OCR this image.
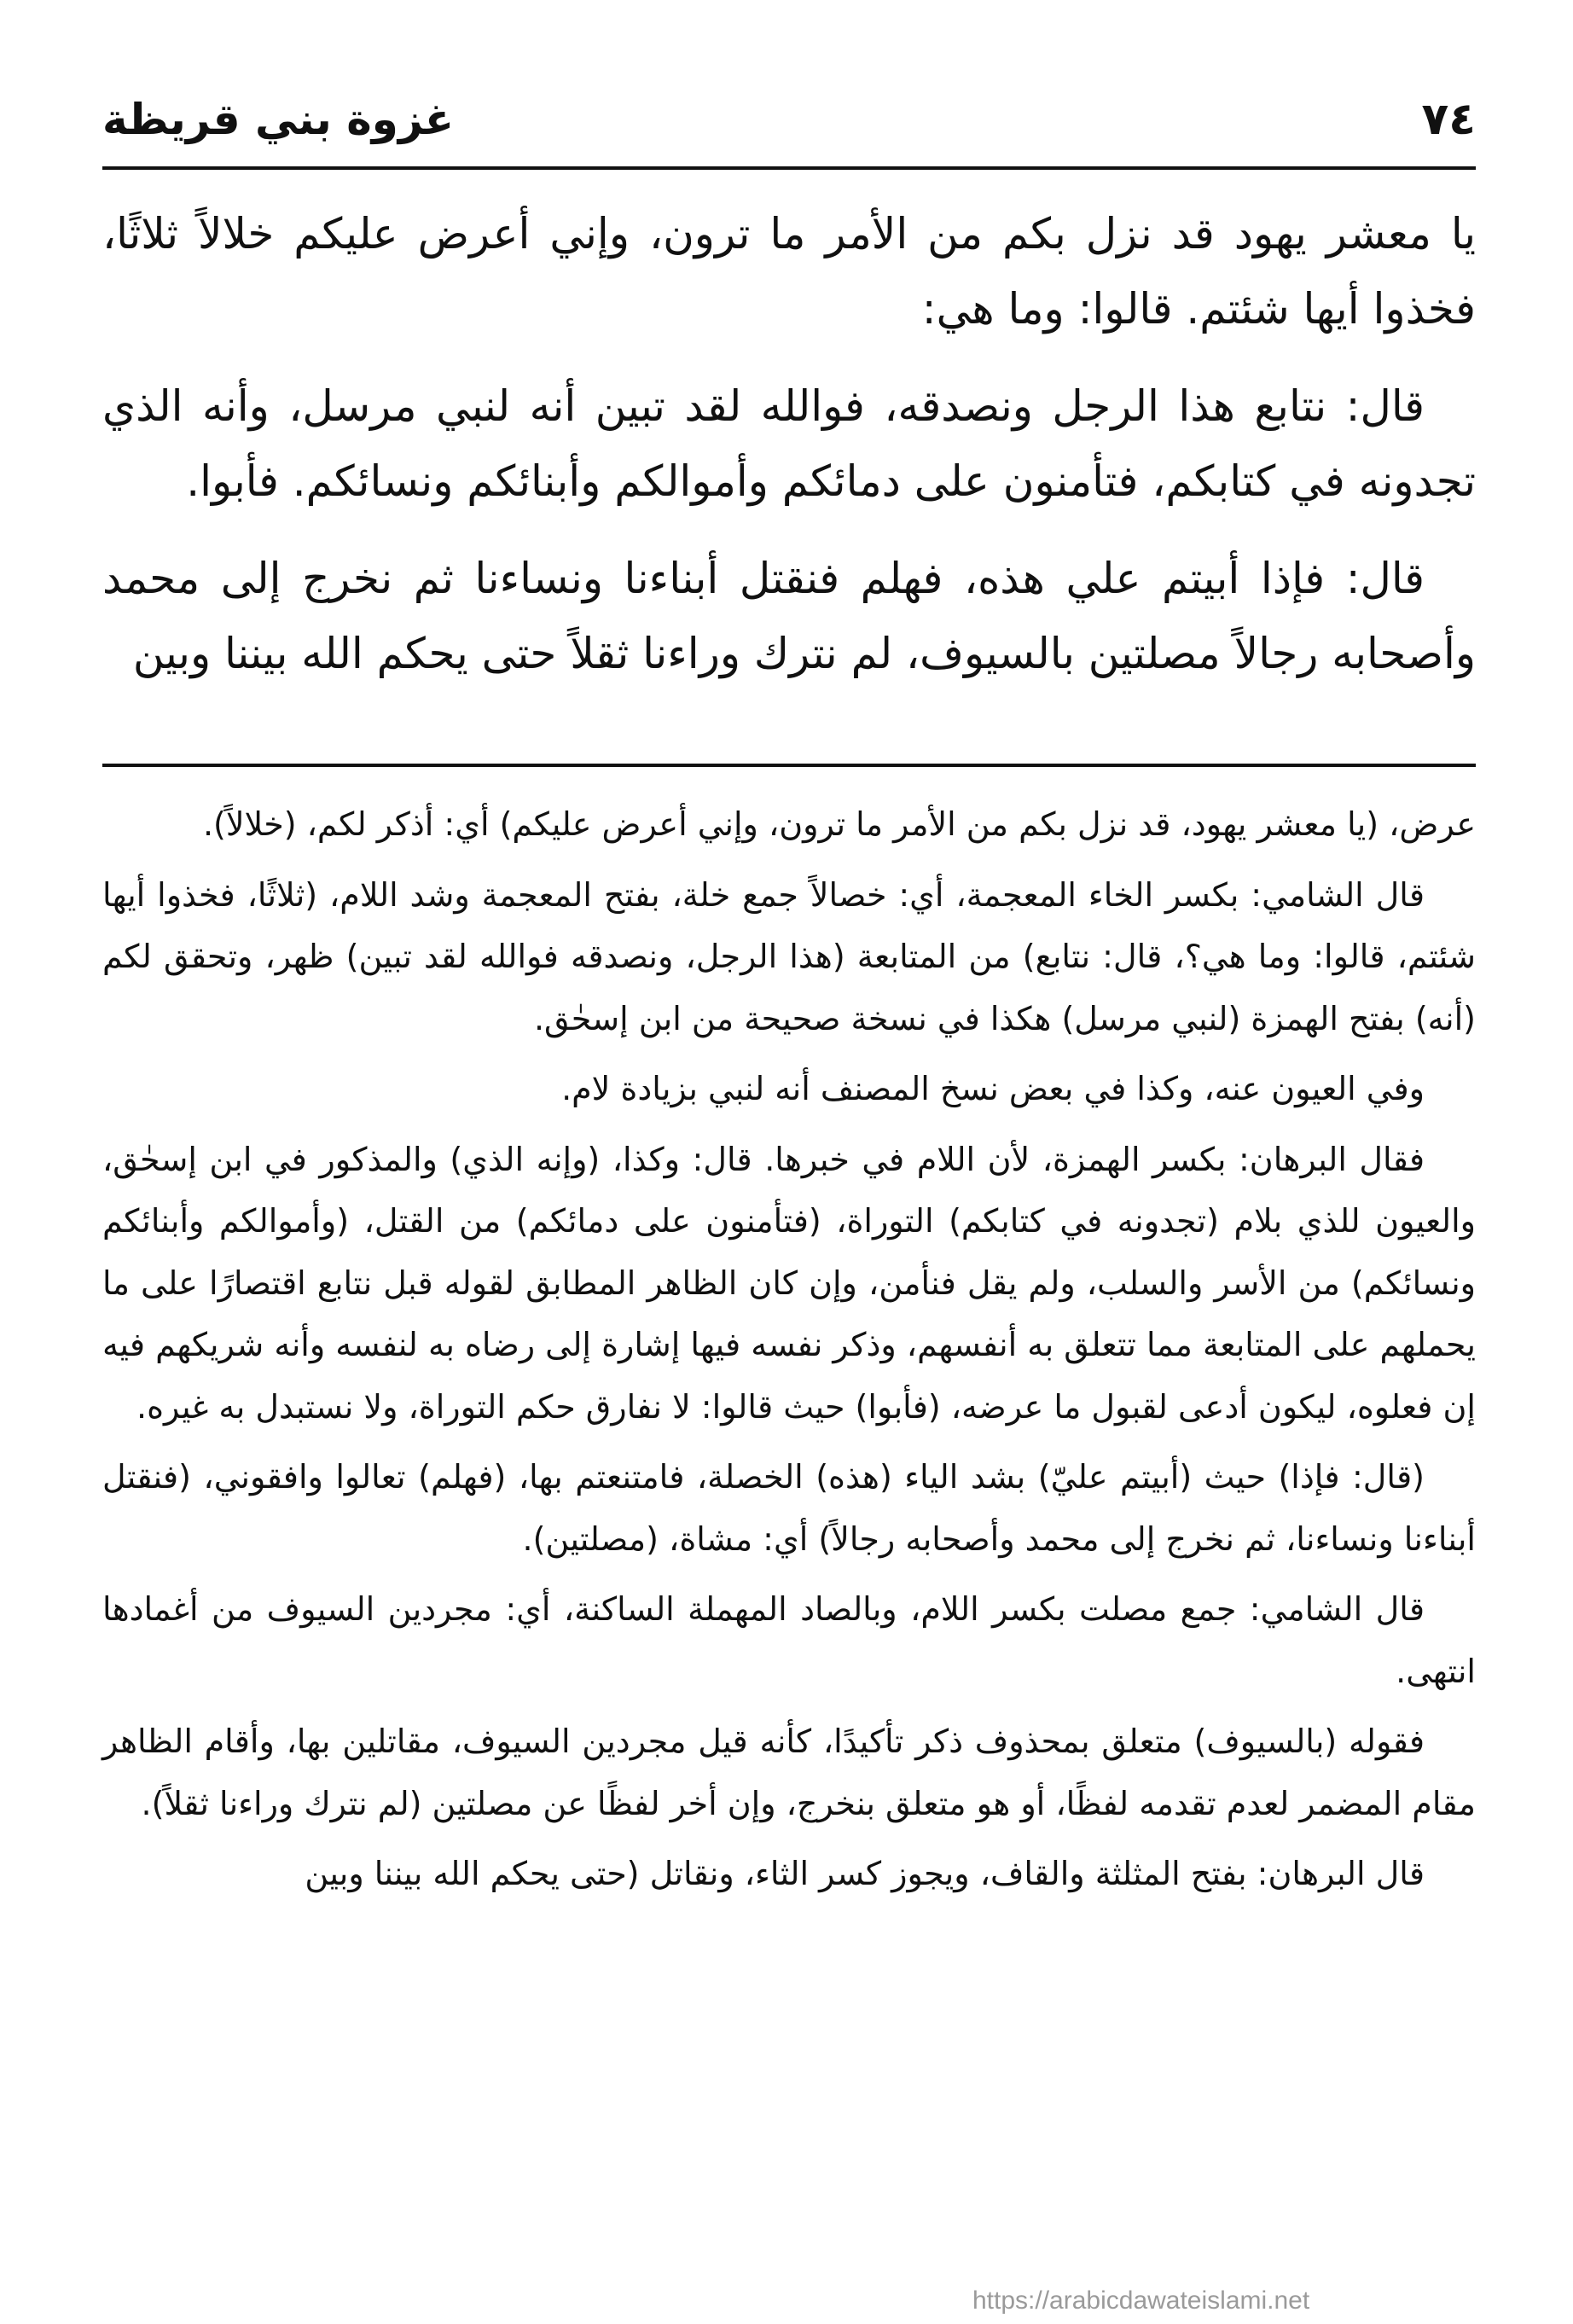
٧٤
غزوة بني قريظة

يا معشر يهود قد نزل بكم من الأمر ما ترون، وإني أعرض عليكم خلالاً ثلاثًا، فخذوا أيها شئتم. قالوا: وما هي:

قال: نتابع هذا الرجل ونصدقه، فوالله لقد تبين أنه لنبي مرسل، وأنه الذي تجدونه في كتابكم، فتأمنون على دمائكم وأموالكم وأبنائكم ونسائكم. فأبوا.

قال: فإذا أبيتم علي هذه، فهلم فنقتل أبناءنا ونساءنا ثم نخرج إلى محمد وأصحابه رجالاً مصلتين بالسيوف، لم نترك وراءنا ثقلاً حتى يحكم الله بيننا وبين

عرض، (يا معشر يهود، قد نزل بكم من الأمر ما ترون، وإني أعرض عليكم) أي: أذكر لكم، (خلالاً).

قال الشامي: بكسر الخاء المعجمة، أي: خصالاً جمع خلة، بفتح المعجمة وشد اللام، (ثلاثًا، فخذوا أيها شئتم، قالوا: وما هي؟، قال: نتابع) من المتابعة (هذا الرجل، ونصدقه فوالله لقد تبين) ظهر، وتحقق لكم (أنه) بفتح الهمزة (لنبي مرسل) هكذا في نسخة صحيحة من ابن إسحٰق.

وفي العيون عنه، وكذا في بعض نسخ المصنف أنه لنبي بزيادة لام.

فقال البرهان: بكسر الهمزة، لأن اللام في خبرها. قال: وكذا، (وإنه الذي) والمذكور في ابن إسحٰق، والعيون للذي بلام (تجدونه في كتابكم) التوراة، (فتأمنون على دمائكم) من القتل، (وأموالكم وأبنائكم ونسائكم) من الأسر والسلب، ولم يقل فنأمن، وإن كان الظاهر المطابق لقوله قبل نتابع اقتصارًا على ما يحملهم على المتابعة مما تتعلق به أنفسهم، وذكر نفسه فيها إشارة إلى رضاه به لنفسه وأنه شريكهم فيه إن فعلوه، ليكون أدعى لقبول ما عرضه، (فأبوا) حيث قالوا: لا نفارق حكم التوراة، ولا نستبدل به غيره.

(قال: فإذا) حيث (أبيتم عليّ) بشد الياء (هذه) الخصلة، فامتنعتم بها، (فهلم) تعالوا وافقوني، (فنقتل أبناءنا ونساءنا، ثم نخرج إلى محمد وأصحابه رجالاً) أي: مشاة، (مصلتين).

قال الشامي: جمع مصلت بكسر اللام، وبالصاد المهملة الساكنة، أي: مجردين السيوف من أغمادها انتهى.

فقوله (بالسيوف) متعلق بمحذوف ذكر تأكيدًا، كأنه قيل مجردين السيوف، مقاتلين بها، وأقام الظاهر مقام المضمر لعدم تقدمه لفظًا، أو هو متعلق بنخرج، وإن أخر لفظًا عن مصلتين (لم نترك وراءنا ثقلاً).

قال البرهان: بفتح المثلثة والقاف، ويجوز كسر الثاء، ونقاتل (حتى يحكم الله بيننا وبين

https://arabicdawateislami.net
